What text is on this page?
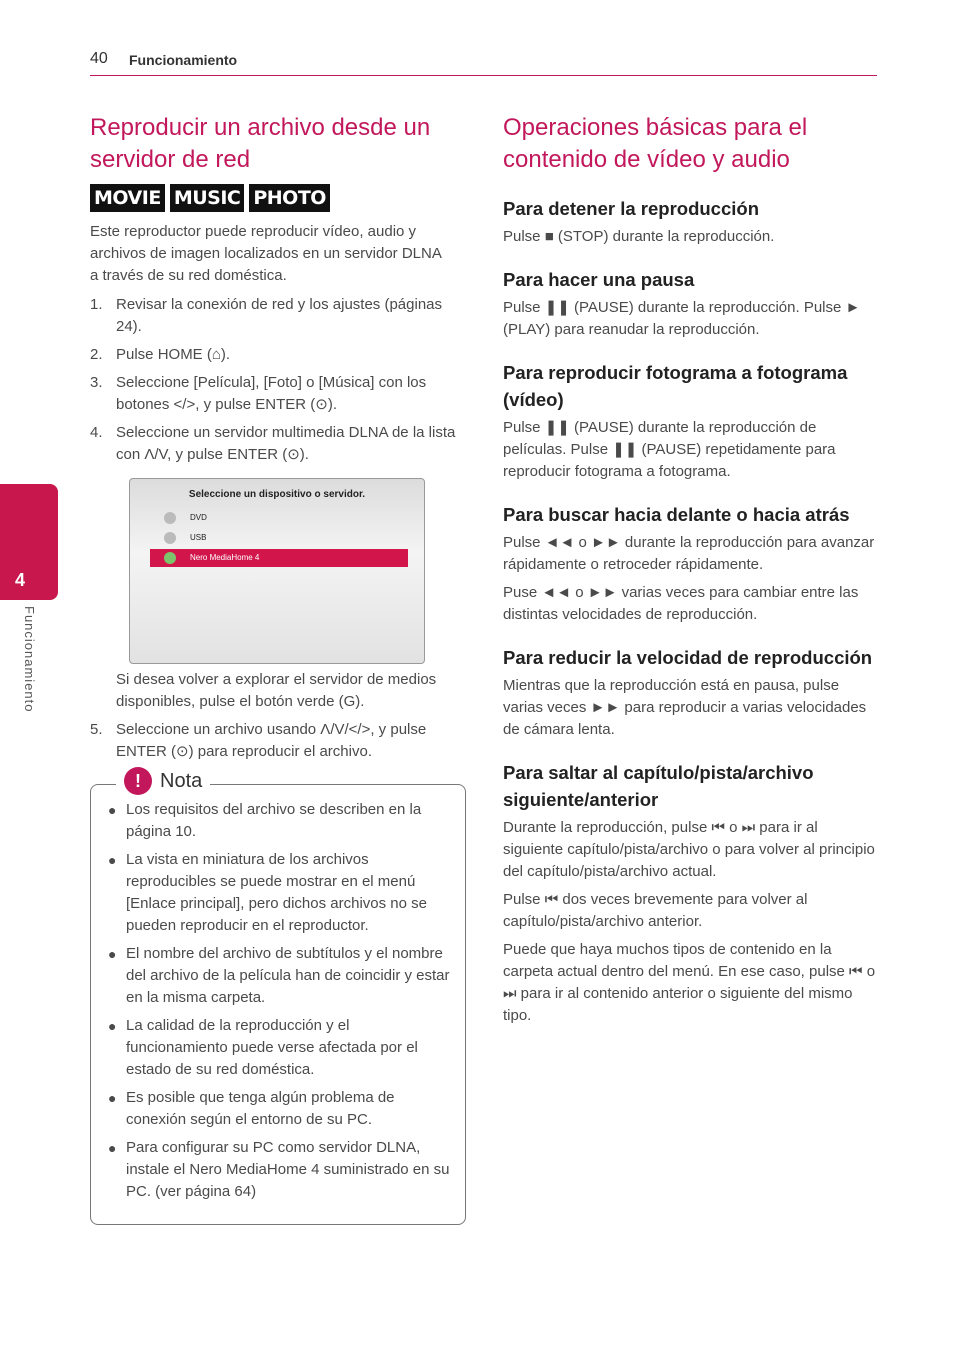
40 Funcionamiento
4
Funcionamiento
Reproducir un archivo desde un servidor de red
MOVIE MUSIC PHOTO
Este reproductor puede reproducir vídeo, audio y archivos de imagen localizados en un servidor DLNA a través de su red doméstica.
1. Revisar la conexión de red y los ajustes (páginas 24).
2. Pulse HOME (⌂).
3. Seleccione [Película], [Foto] o [Música] con los botones </>, y pulse ENTER (⊙).
4. Seleccione un servidor multimedia DLNA de la lista con Λ/V, y pulse ENTER (⊙).
Seleccione un dispositivo o servidor.
DVD
USB
Nero MediaHome 4
Si desea volver a explorar el servidor de medios disponibles, pulse el botón verde (G).
5. Seleccione un archivo usando Λ/V/</>, y pulse ENTER (⊙) para reproducir el archivo.
! Nota
● Los requisitos del archivo se describen en la página 10.
● La vista en miniatura de los archivos reproducibles se puede mostrar en el menú [Enlace principal], pero dichos archivos no se pueden reproducir en el reproductor.
● El nombre del archivo de subtítulos y el nombre del archivo de la película han de coincidir y estar en la misma carpeta.
● La calidad de la reproducción y el funcionamiento puede verse afectada por el estado de su red doméstica.
● Es posible que tenga algún problema de conexión según el entorno de su PC.
● Para configurar su PC como servidor DLNA, instale el Nero MediaHome 4 suministrado en su PC. (ver página 64)
Operaciones básicas para el contenido de vídeo y audio
Para detener la reproducción
Pulse ■ (STOP) durante la reproducción.
Para hacer una pausa
Pulse ❚❚ (PAUSE) durante la reproducción. Pulse ► (PLAY) para reanudar la reproducción.
Para reproducir fotograma a fotograma (vídeo)
Pulse ❚❚ (PAUSE) durante la reproducción de películas. Pulse ❚❚ (PAUSE) repetidamente para reproducir fotograma a fotograma.
Para buscar hacia delante o hacia atrás
Pulse ◄◄ o ►► durante la reproducción para avanzar rápidamente o retroceder rápidamente.
Puse ◄◄ o ►► varias veces para cambiar entre las distintas velocidades de reproducción.
Para reducir la velocidad de reproducción
Mientras que la reproducción está en pausa, pulse varias veces ►► para reproducir a varias velocidades de cámara lenta.
Para saltar al capítulo/pista/archivo siguiente/anterior
Durante la reproducción, pulse ⏮ o ⏭ para ir al siguiente capítulo/pista/archivo o para volver al principio del capítulo/pista/archivo actual.
Pulse ⏮ dos veces brevemente para volver al capítulo/pista/archivo anterior.
Puede que haya muchos tipos de contenido en la carpeta actual dentro del menú. En ese caso, pulse ⏮ o ⏭ para ir al contenido anterior o siguiente del mismo tipo.
